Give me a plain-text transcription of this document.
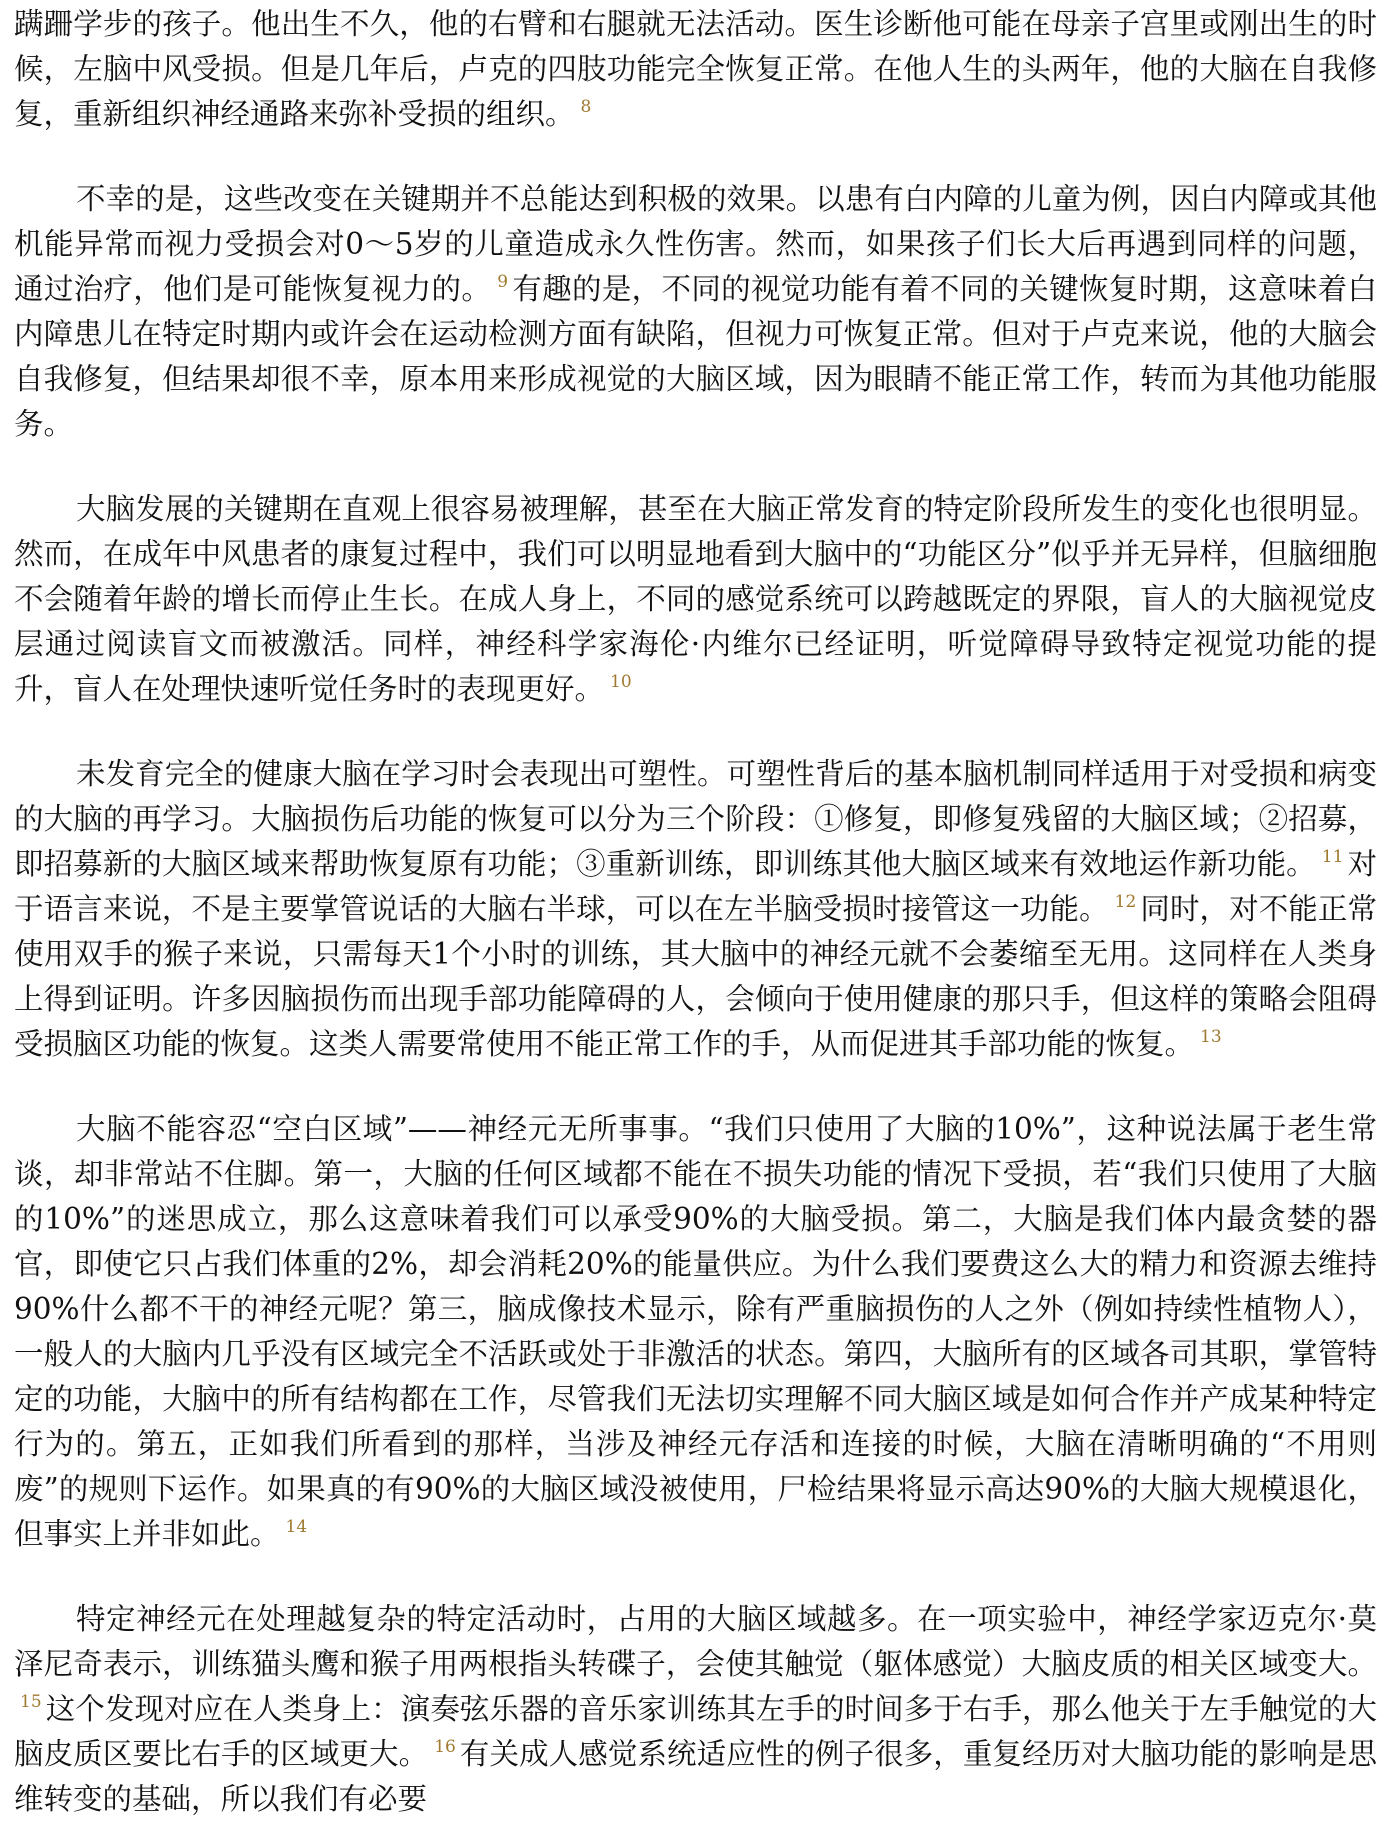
蹒跚学步的孩子。他出生不久，他的右臂和右腿就无法活动。医生诊断他可能在母亲子宫里或刚出生的时候，左脑中风受损。但是几年后，卢克的四肢功能完全恢复正常。在他人生的头两年，他的大脑在自我修复，重新组织神经通路来弥补受损的组织。 $^8$

不幸的是，这些改变在关键期并不总能达到积极的效果。以患有白内障的儿童为例，因白内障或其他机能异常而视力受损会对0～5岁的儿童造成永久性伤害。然而，如果孩子们长大后再遇到同样的问题，通过治疗，他们是可能恢复视力的。 $^9$ 有趣的是，不同的视觉功能有着不同的关键恢复时期，这意味着白内障患儿在特定时期内或许会在运动检测方面有缺陷，但视力可恢复正常。但对于卢克来说，他的大脑会自我修复，但结果却很不幸，原本用来形成视觉的大脑区域，因为眼睛不能正常工作，转而为其他功能服务。

大脑发展的关键期在直观上很容易被理解，甚至在大脑正常发育的特定阶段所发生的变化也很明显。然而，在成年中风患者的康复过程中，我们可以明显地看到大脑中的“功能区分”似乎并无异样，但脑细胞不会随着年龄的增长而停止生长。在成人身上，不同的感觉系统可以跨越既定的界限，盲人的大脑视觉皮层通过阅读盲文而被激活。同样，神经科学家海伦·内维尔已经证明，听觉障碍导致特定视觉功能的提升，盲人在处理快速听觉任务时的表现更好。 $^{10}$

未发育完全的健康大脑在学习时会表现出可塑性。可塑性背后的基本脑机制同样适用于对受损和病变的大脑的再学习。大脑损伤后功能的恢复可以分为三个阶段：①修复，即修复残留的大脑区域；②招募，即招募新的大脑区域来帮助恢复原有功能；③重新训练，即训练其他大脑区域来有效地运作新功能。 $^{11}$ 对于语言来说，不是主要掌管说话的大脑右半球，可以在左半脑受损时接管这一功能。 $^{12}$ 同时，对不能正常使用双手的猴子来说，只需每天1个小时的训练，其大脑中的神经元就不会萎缩至无用。这同样在人类身上得到证明。许多因脑损伤而出现手部功能障碍的人，会倾向于使用健康的那只手，但这样的策略会阻碍受损脑区功能的恢复。这类人需要常使用不能正常工作的手，从而促进其手部功能的恢复。 $^{13}$

大脑不能容忍“空白区域”——神经元无所事事。“我们只使用了大脑的10%”，这种说法属于老生常谈，却非常站不住脚。第一，大脑的任何区域都不能在不损失功能的情况下受损，若“我们只使用了大脑的10%”的迷思成立，那么这意味着我们可以承受90%的大脑受损。第二，大脑是我们体内最贪婪的器官，即使它只占我们体重的2%，却会消耗20%的能量供应。为什么我们要费这么大的精力和资源去维持90%什么都不干的神经元呢？第三，脑成像技术显示，除有严重脑损伤的人之外（例如持续性植物人），一般人的大脑内几乎没有区域完全不活跃或处于非激活的状态。第四，大脑所有的区域各司其职，掌管特定的功能，大脑中的所有结构都在工作，尽管我们无法切实理解不同大脑区域是如何合作并产成某种特定行为的。第五，正如我们所看到的那样，当涉及神经元存活和连接的时候，大脑在清晰明确的“不用则废”的规则下运作。如果真的有90%的大脑区域没被使用，尸检结果将显示高达90%的大脑大规模退化，但事实上并非如此。 $^{14}$

特定神经元在处理越复杂的特定活动时，占用的大脑区域越多。在一项实验中，神经学家迈克尔·莫泽尼奇表示，训练猫头鹰和猴子用两根指头转碟子，会使其触觉（躯体感觉）大脑皮质的相关区域变大。$^{15}$ 这个发现对应在人类身上：演奏弦乐器的音乐家训练其左手的时间多于右手，那么他关于左手触觉的大脑皮质区要比右手的区域更大。 $^{16}$ 有关成人感觉系统适应性的例子很多，重复经历对大脑功能的影响是思维转变的基础，所以我们有必要
